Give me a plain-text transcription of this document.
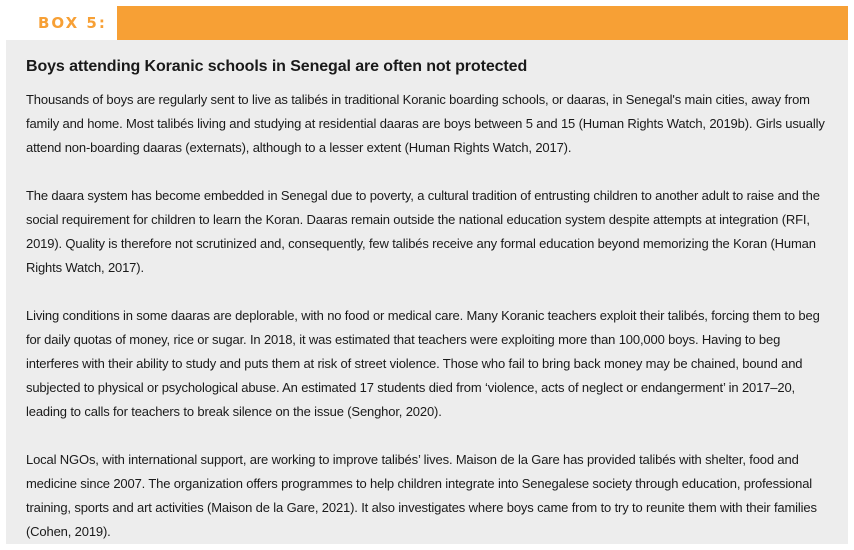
BOX 5:
Boys attending Koranic schools in Senegal are often not protected

Thousands of boys are regularly sent to live as talibés in traditional Koranic boarding schools, or daaras, in Senegal's main cities, away from family and home. Most talibés living and studying at residential daaras are boys between 5 and 15 (Human Rights Watch, 2019b). Girls usually attend non-boarding daaras (externats), although to a lesser extent (Human Rights Watch, 2017).

The daara system has become embedded in Senegal due to poverty, a cultural tradition of entrusting children to another adult to raise and the social requirement for children to learn the Koran. Daaras remain outside the national education system despite attempts at integration (RFI, 2019). Quality is therefore not scrutinized and, consequently, few talibés receive any formal education beyond memorizing the Koran (Human Rights Watch, 2017).

Living conditions in some daaras are deplorable, with no food or medical care. Many Koranic teachers exploit their talibés, forcing them to beg for daily quotas of money, rice or sugar. In 2018, it was estimated that teachers were exploiting more than 100,000 boys. Having to beg interferes with their ability to study and puts them at risk of street violence. Those who fail to bring back money may be chained, bound and subjected to physical or psychological abuse. An estimated 17 students died from ‘violence, acts of neglect or endangerment’ in 2017–20, leading to calls for teachers to break silence on the issue (Senghor, 2020).

Local NGOs, with international support, are working to improve talibés’ lives. Maison de la Gare has provided talibés with shelter, food and medicine since 2007. The organization offers programmes to help children integrate into Senegalese society through education, professional training, sports and art activities (Maison de la Gare, 2021). It also investigates where boys came from to try to reunite them with their families (Cohen, 2019).
